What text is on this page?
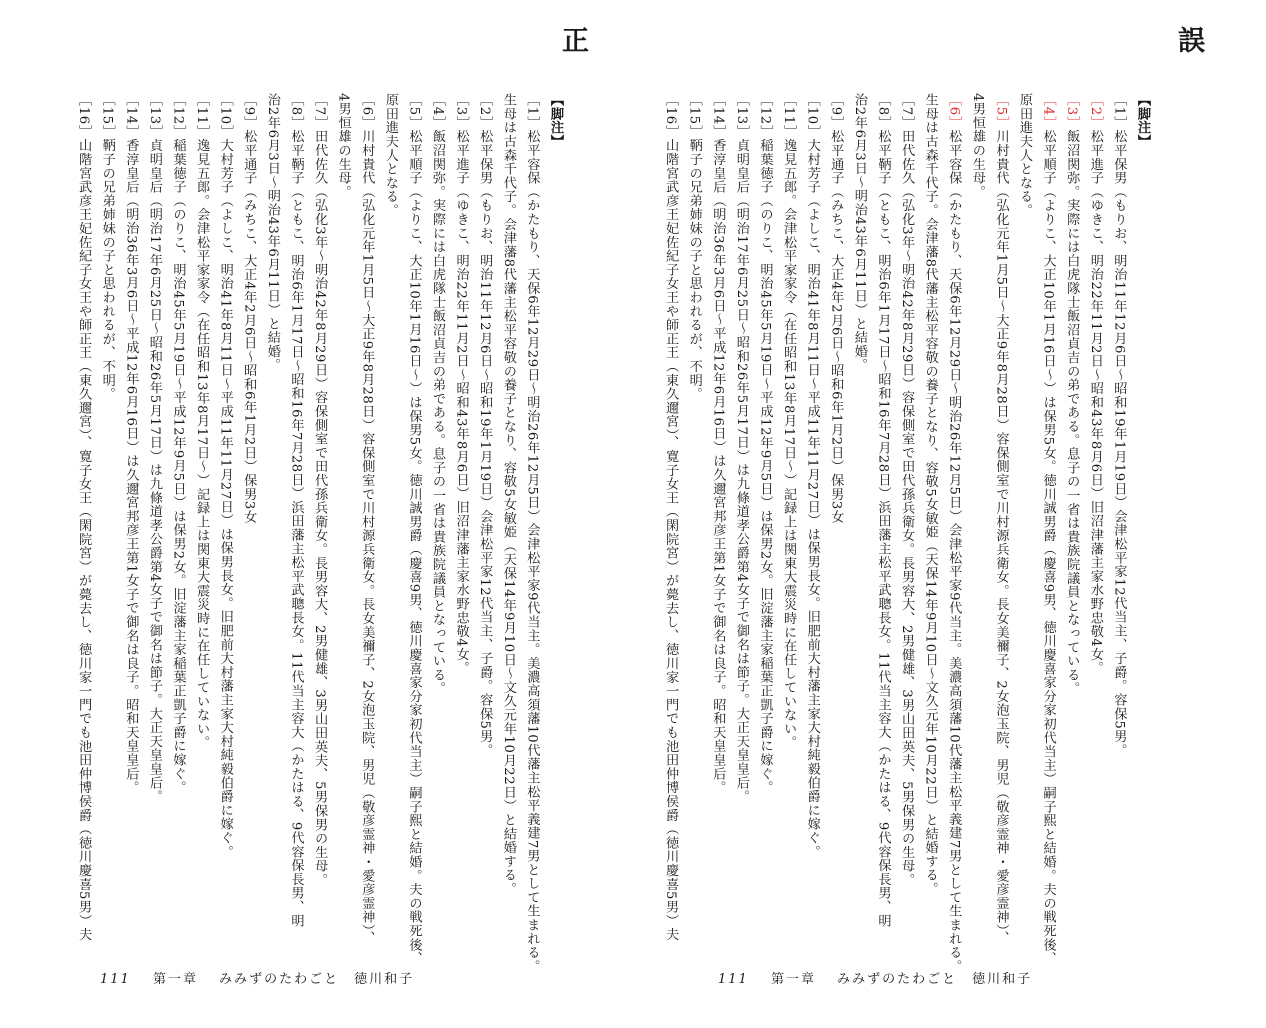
正
【脚注】
［1］松平容保（かたもり、天保6年12月29日～明治26年12月5日）会津松平家9代当主。美濃高須藩10代藩主松平義建7男として生まれる。
生母は古森千代子。会津藩8代藩主松平容敬の養子となり、容敬5女敏姫（天保14年9月10日～文久元年10月22日）と結婚する。
［2］松平保男（もりお、明治11年12月6日～昭和19年1月19日）会津松平家12代当主、子爵。容保5男。
［3］松平進子（ゆきこ、明治22年11月2日～昭和43年8月6日）旧沼津藩主家水野忠敬4女。
［4］飯沼関弥。実際には白虎隊士飯沼貞吉の弟である。息子の一省は貴族院議員となっている。
［5］松平順子（よりこ、大正10年1月16日～）は保男5女。徳川誠男爵（慶喜9男、徳川慶喜家分家初代当主）嗣子熙と結婚。夫の戦死後、
原田進夫人となる。
［6］川村貴代（弘化元年1月5日～大正9年8月28日）容保側室で川村源兵衛女。長女美禰子、2女泡玉院、男児（敬彦霊神・愛彦霊神）、
4男恒雄の生母。
［7］田代佐久（弘化3年～明治42年8月29日）容保側室で田代孫兵衛女。長男容大、2男健雄、3男山田英夫、5男保男の生母。
［8］松平鞆子（ともこ、明治6年1月17日～昭和16年7月28日）浜田藩主松平武聰長女。11代当主容大（かたはる、9代容保長男、明
治2年6月3日～明治43年6月11日）と結婚。
［9］松平通子（みちこ、大正4年2月6日～昭和6年1月2日）保男3女
［10］大村芳子（よしこ、明治41年8月11日～平成11年11月27日）は保男長女。旧肥前大村藩主家大村純毅伯爵に嫁ぐ。
［11］逸見五郎。会津松平家家令（在任昭和13年8月17日～）記録上は関東大震災時に在任していない。
［12］稲葉徳子（のりこ、明治45年5月19日～平成12年9月5日）は保男2女。旧淀藩主家稲葉正凱子爵に嫁ぐ。
［13］貞明皇后（明治17年6月25日～昭和26年5月17日）は九條道孝公爵第4女子で御名は節子。大正天皇皇后。
［14］香淳皇后（明治36年3月6日～平成12年6月16日）は久邇宮邦彦王第1女子で御名は良子。昭和天皇皇后。
［15］鞆子の兄弟姉妹の子と思われるが、不明。
［16］山階宮武彦王妃佐紀子女王や師正王（東久邇宮）、寛子女王（閑院宮）が薨去し、徳川家一門でも池田仲博侯爵（徳川慶喜5男）夫
111 第一章　 みみずのたわごと　徳川和子
誤
【脚注】
［1］松平保男（もりお、明治11年12月6日～昭和19年1月19日）会津松平家12代当主、子爵。容保5男。
［2］松平進子（ゆきこ、明治22年11月2日～昭和43年8月6日）旧沼津藩主家水野忠敬4女。
［3］飯沼関弥。実際には白虎隊士飯沼貞吉の弟である。息子の一省は貴族院議員となっている。
［4］松平順子（よりこ、大正10年1月16日～）は保男5女。徳川誠男爵（慶喜9男、徳川慶喜家分家初代当主）嗣子熙と結婚。夫の戦死後、
原田進夫人となる。
［5］川村貴代（弘化元年1月5日～大正9年8月28日）容保側室で川村源兵衛女。長女美禰子、2女泡玉院、男児（敬彦霊神・愛彦霊神）、
4男恒雄の生母。
［6］松平容保（かたもり、天保6年12月29日～明治26年12月5日）会津松平家9代当主。美濃高須藩10代藩主松平義建7男として生まれる。
生母は古森千代子。会津藩8代藩主松平容敬の養子となり、容敬5女敏姫（天保14年9月10日～文久元年10月22日）と結婚する。
［7］田代佐久（弘化3年～明治42年8月29日）容保側室で田代孫兵衛女。長男容大、2男健雄、3男山田英夫、5男保男の生母。
［8］松平鞆子（ともこ、明治6年1月17日～昭和16年7月28日）浜田藩主松平武聰長女。11代当主容大（かたはる、9代容保長男、明
治2年6月3日～明治43年6月11日）と結婚。
［9］松平通子（みちこ、大正4年2月6日～昭和6年1月2日）保男3女
［10］大村芳子（よしこ、明治41年8月11日～平成11年11月27日）は保男長女。旧肥前大村藩主家大村純毅伯爵に嫁ぐ。
［11］逸見五郎。会津松平家家令（在任昭和13年8月17日～）記録上は関東大震災時に在任していない。
［12］稲葉徳子（のりこ、明治45年5月19日～平成12年9月5日）は保男2女。旧淀藩主家稲葉正凱子爵に嫁ぐ。
［13］貞明皇后（明治17年6月25日～昭和26年5月17日）は九條道孝公爵第4女子で御名は節子。大正天皇皇后。
［14］香淳皇后（明治36年3月6日～平成12年6月16日）は久邇宮邦彦王第1女子で御名は良子。昭和天皇皇后。
［15］鞆子の兄弟姉妹の子と思われるが、不明。
［16］山階宮武彦王妃佐紀子女王や師正王（東久邇宮）、寛子女王（閑院宮）が薨去し、徳川家一門でも池田仲博侯爵（徳川慶喜5男）夫
111 第一章　 みみずのたわごと　徳川和子
